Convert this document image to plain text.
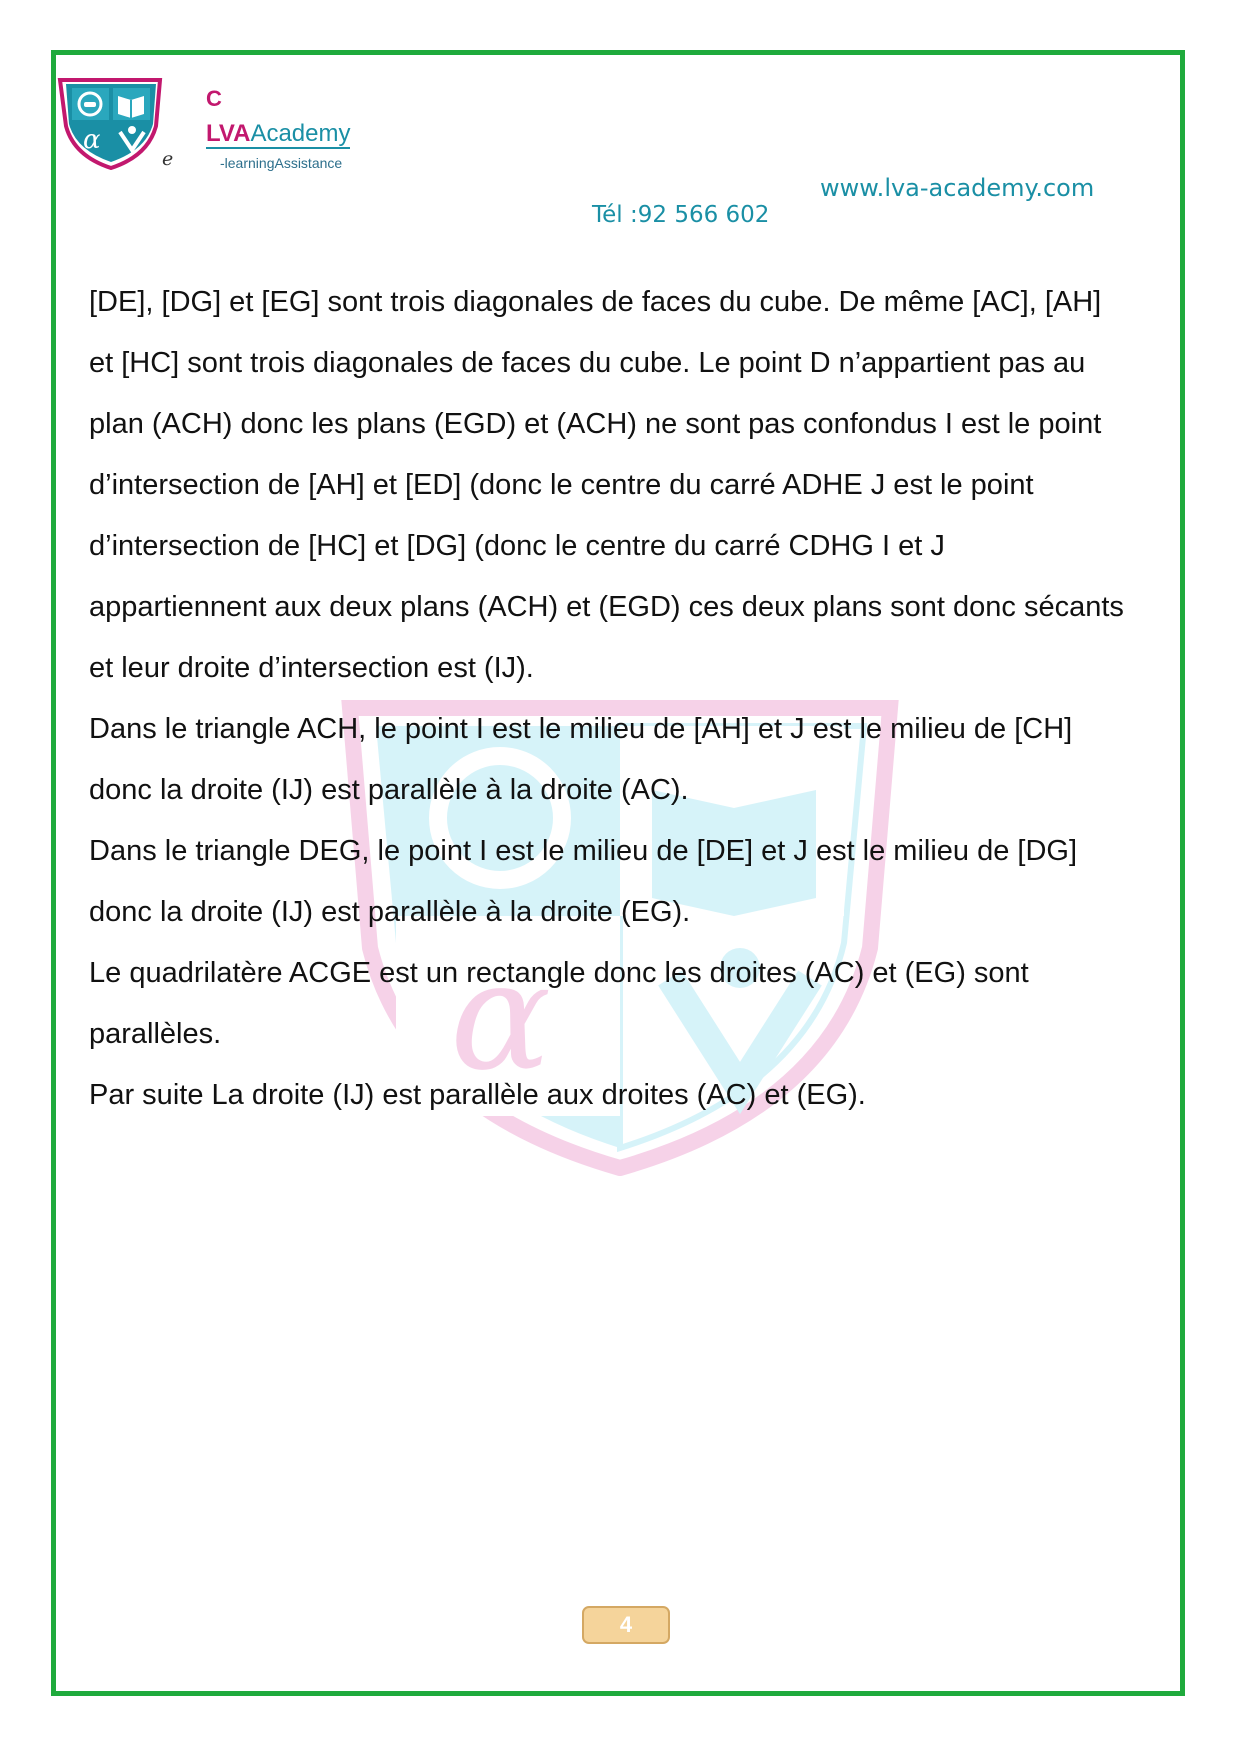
α
e
C
LVAAcademy
-learningAssistance
www.lva-academy.com
Tél :92 566 602
α

[DE], [DG] et [EG] sont trois diagonales de faces du cube. De même [AC], [AH]

et [HC] sont trois diagonales de faces du cube. Le point D n’appartient pas au

plan (ACH) donc les plans (EGD) et (ACH) ne sont pas confondus I est le point

d’intersection de [AH] et [ED] (donc le centre du carré ADHE J est le point

d’intersection de [HC] et [DG] (donc le centre du carré CDHG I et J

appartiennent aux deux plans (ACH) et (EGD) ces deux plans sont donc sécants

et leur droite d’intersection est (IJ).

Dans le triangle ACH, le point I est le milieu de [AH] et J est le milieu de [CH]

donc la droite (IJ) est parallèle à la droite (AC).

Dans le triangle DEG, le point I est le milieu de [DE] et J est le milieu de [DG]

donc la droite (IJ) est parallèle à la droite (EG).

Le quadrilatère ACGE est un rectangle donc les droites (AC) et (EG) sont

parallèles.

Par suite La droite (IJ) est parallèle aux droites (AC) et (EG).

4
